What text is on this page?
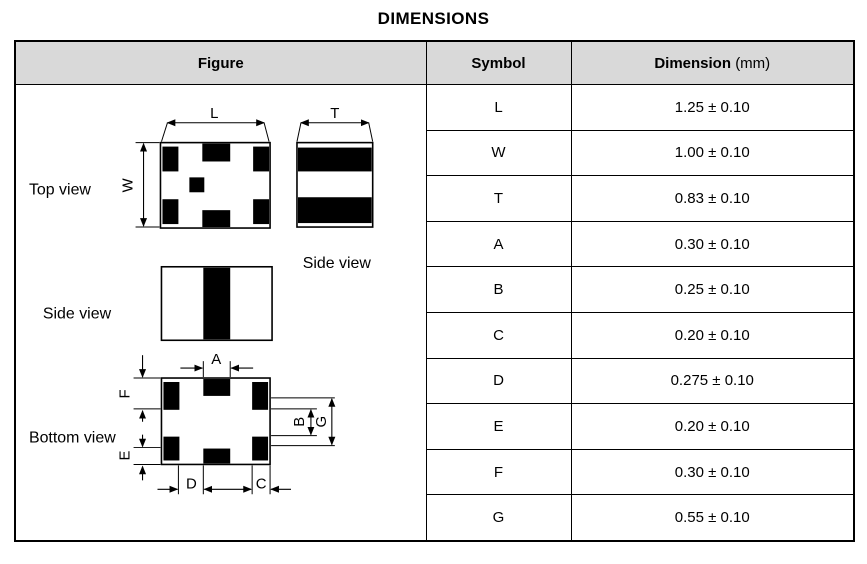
DIMENSIONS
Figure	Symbol	Dimension (mm)

L
W
Top view
T
Side view
Side view
Bottom view
A
F
E
D	C
B G
	L	1.25 ± 0.10
	W	1.00 ± 0.10
	T	0.83 ± 0.10
	A	0.30 ± 0.10
	B	0.25 ± 0.10
	C	0.20 ± 0.10
	D	0.275 ± 0.10
	E	0.20 ± 0.10
	F	0.30 ± 0.10
	G	0.55 ± 0.10
